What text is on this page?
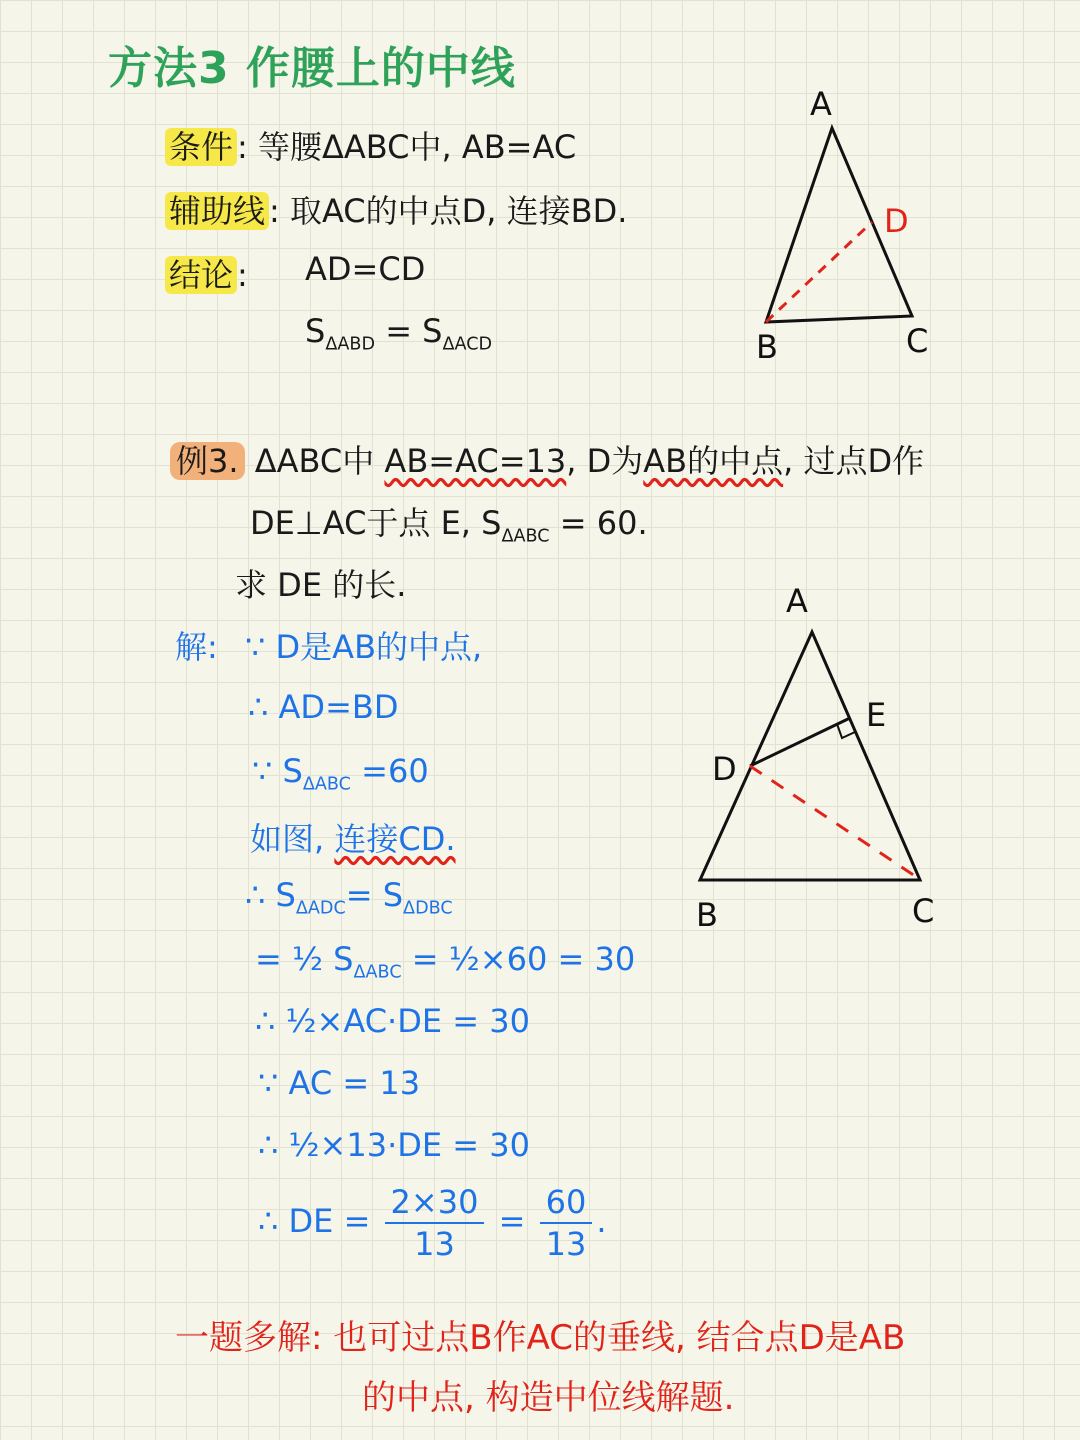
方法3 作腰上的中线
条件 : 等腰ΔABC中, AB=AC
辅助线 : 取AC的中点D, 连接BD.
结论 : AD=CD
$S_{\Delta ABD} = S_{\Delta ACD}$
A
B	C
D
例3. ΔABC中 AB=AC=13, D为AB的中点, 过点D作
DE⊥AC于点 E, $S_{\Delta ABC} = 60$.
求 DE 的长.
解: ∵ D是AB的中点,
∴ AD=BD
∵ $S_{\Delta ABC} =60$
如图, 连接CD.
∴ $S_{\Delta ADC}= S_{\Delta DBC}$
= ½ $S_{\Delta ABC}$ = ½×60 = 30
∴ ½×AC·DE = 30
∵ AC = 13
∴ ½×13·DE = 30
∴ DE = $\frac{2\times 30}{13} = \frac{60}{13}$ .
A
B	C
D
E
一题多解: 也可过点B作AC的垂线, 结合点D是AB
的中点, 构造中位线解题.
